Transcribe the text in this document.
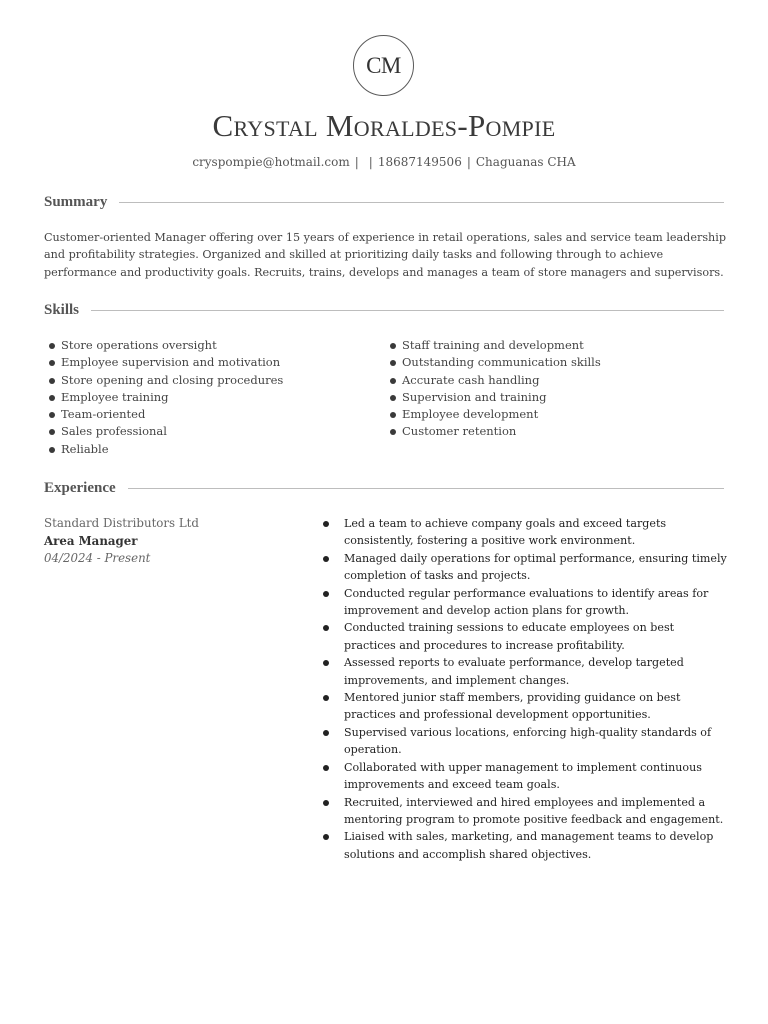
CM
Crystal Moraldes-Pompie
cryspompie@hotmail.com | | 18687149506 | Chaguanas CHA
Summary

Customer-oriented Manager offering over 15 years of experience in retail operations, sales and service team leadership and profitability strategies. Organized and skilled at prioritizing daily tasks and following through to achieve performance and productivity goals. Recruits, trains, develops and manages a team of store managers and supervisors.

Skills
Store operations oversight
Employee supervision and motivation
Store opening and closing procedures
Employee training
Team-oriented
Sales professional
Reliable
Staff training and development
Outstanding communication skills
Accurate cash handling
Supervision and training
Employee development
Customer retention
Experience
Standard Distributors Ltd
Area Manager
04/2024 - Present
Led a team to achieve company goals and exceed targets consistently, fostering a positive work environment.
Managed daily operations for optimal performance, ensuring timely completion of tasks and projects.
Conducted regular performance evaluations to identify areas for improvement and develop action plans for growth.
Conducted training sessions to educate employees on best practices and procedures to increase profitability.
Assessed reports to evaluate performance, develop targeted improvements, and implement changes.
Mentored junior staff members, providing guidance on best practices and professional development opportunities.
Supervised various locations, enforcing high-quality standards of operation.
Collaborated with upper management to implement continuous improvements and exceed team goals.
Recruited, interviewed and hired employees and implemented a mentoring program to promote positive feedback and engagement.
Liaised with sales, marketing, and management teams to develop solutions and accomplish shared objectives.
